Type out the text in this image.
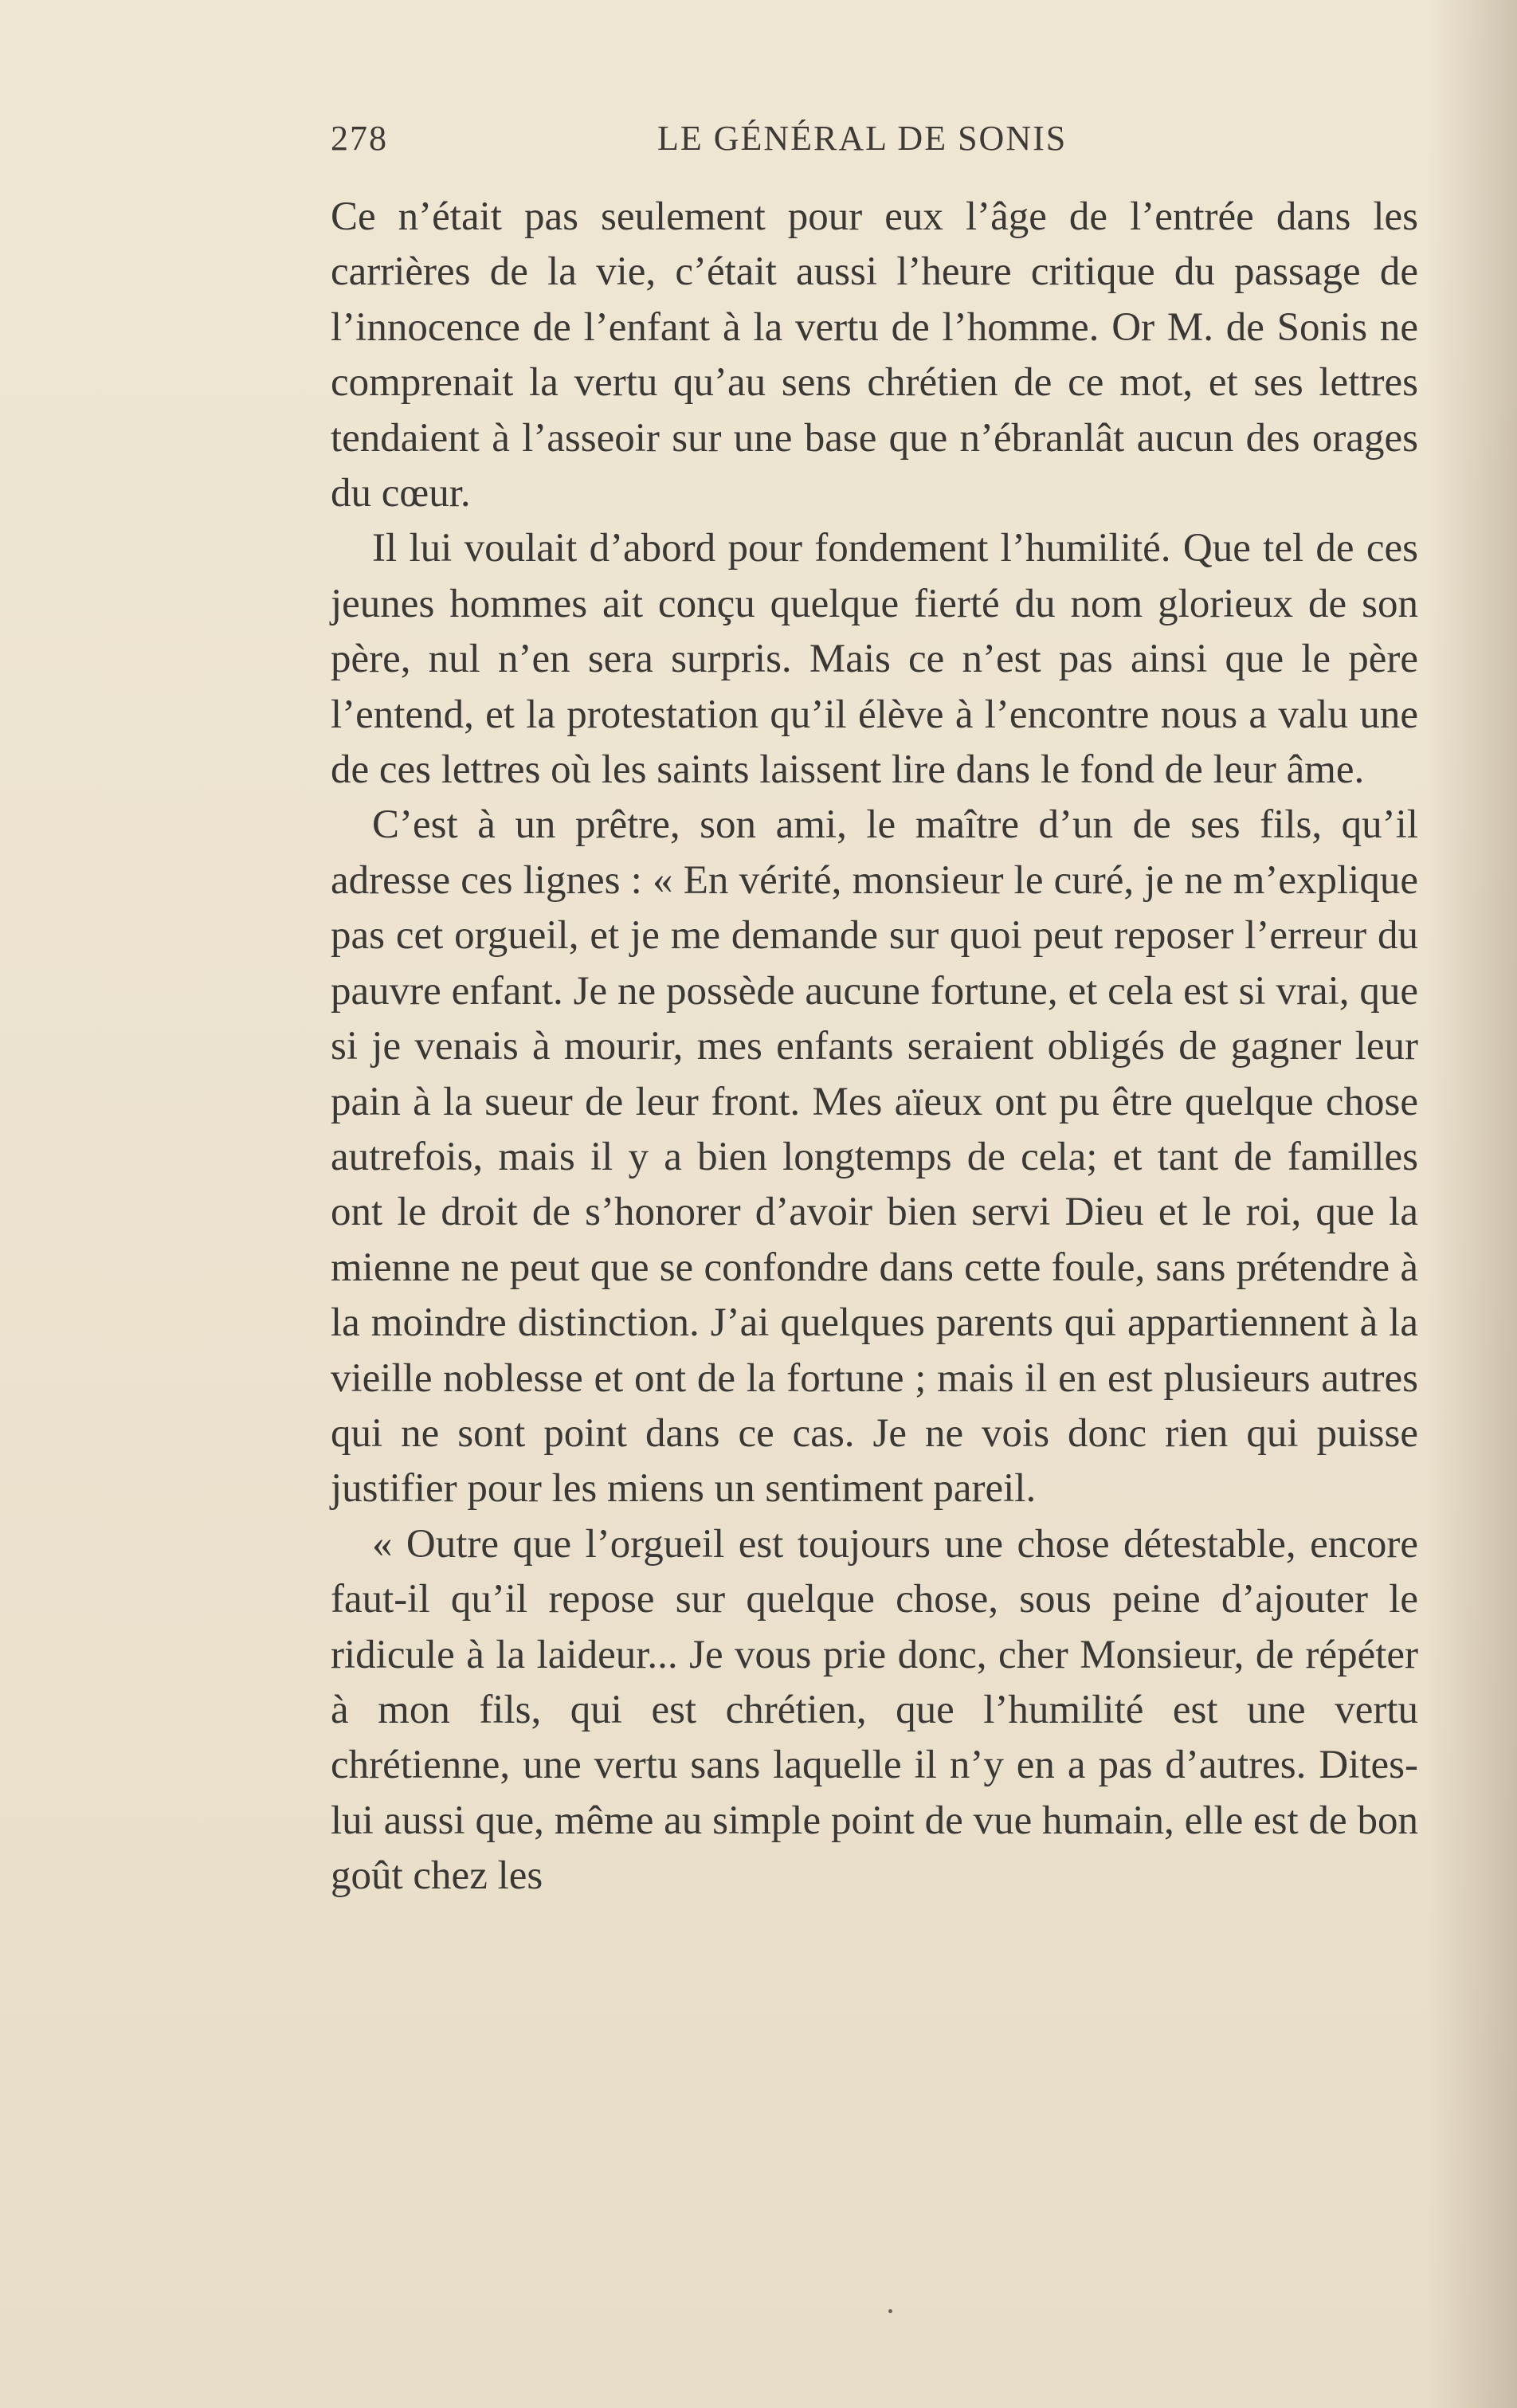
278	LE GÉNÉRAL DE SONIS

Ce n’était pas seulement pour eux l’âge de l’entrée dans les carrières de la vie, c’était aussi l’heure critique du passage de l’innocence de l’enfant à la vertu de l’homme. Or M. de Sonis ne comprenait la vertu qu’au sens chrétien de ce mot, et ses lettres tendaient à l’asseoir sur une base que n’ébranlât aucun des orages du cœur.

Il lui voulait d’abord pour fondement l’humilité. Que tel de ces jeunes hommes ait conçu quelque fierté du nom glorieux de son père, nul n’en sera surpris. Mais ce n’est pas ainsi que le père l’entend, et la protestation qu’il élève à l’encontre nous a valu une de ces lettres où les saints laissent lire dans le fond de leur âme.

C’est à un prêtre, son ami, le maître d’un de ses fils, qu’il adresse ces lignes : « En vérité, monsieur le curé, je ne m’explique pas cet orgueil, et je me demande sur quoi peut reposer l’erreur du pauvre enfant. Je ne possède aucune fortune, et cela est si vrai, que si je venais à mourir, mes enfants seraient obligés de gagner leur pain à la sueur de leur front. Mes aïeux ont pu être quelque chose autrefois, mais il y a bien longtemps de cela; et tant de familles ont le droit de s’honorer d’avoir bien servi Dieu et le roi, que la mienne ne peut que se confondre dans cette foule, sans prétendre à la moindre distinction. J’ai quelques parents qui appartiennent à la vieille noblesse et ont de la fortune ; mais il en est plusieurs autres qui ne sont point dans ce cas. Je ne vois donc rien qui puisse justifier pour les miens un sentiment pareil.

« Outre que l’orgueil est toujours une chose détestable, encore faut-il qu’il repose sur quelque chose, sous peine d’ajouter le ridicule à la laideur... Je vous prie donc, cher Monsieur, de répéter à mon fils, qui est chrétien, que l’humilité est une vertu chrétienne, une vertu sans laquelle il n’y en a pas d’autres. Dites-lui aussi que, même au simple point de vue humain, elle est de bon goût chez les
